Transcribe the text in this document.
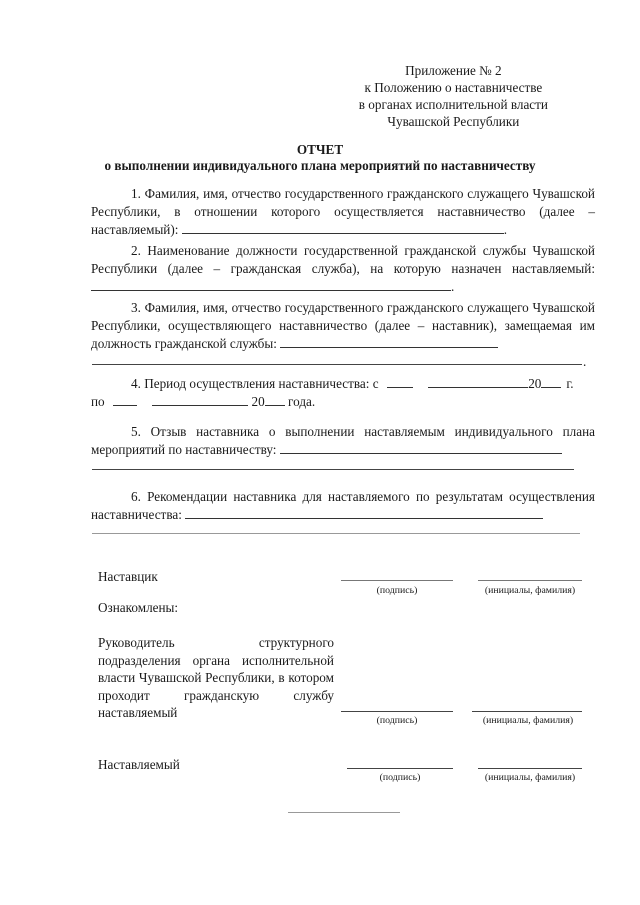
Приложение № 2
к Положению о наставничестве
в органах исполнительной власти
Чувашской Республики
ОТЧЕТ
о выполнении индивидуального плана мероприятий по наставничеству
1. Фамилия, имя, отчество государственного гражданского служащего Чувашской Республики, в отношении которого осуществляется наставничество (далее – наставляемый):	.
2. Наименование должности государственной гражданской службы Чувашской Республики (далее – гражданская служба), на которую назначен наставляемый: .
3. Фамилия, имя, отчество государственного гражданского служащего Чувашской Республики, осуществляющего наставничество (далее – наставник), замещаемая им должность гражданской службы:
.
4. Период осуществления наставничества: с	20 г.
по	20 года.
5. Отзыв наставника о выполнении наставляемым индивидуального плана мероприятий по наставничеству:
6. Рекомендации наставника для наставляемого по результатам осуществления наставничества:
Наставцик
(подпись)	(инициалы, фамилия)
Ознакомлены:
Руководитель структурного подразделения органа исполнительной власти Чувашской Республики, в котором проходит гражданскую службу наставляемый
(подпись)	(инициалы, фамилия)
Наставляемый
(подпись)	(инициалы, фамилия)
